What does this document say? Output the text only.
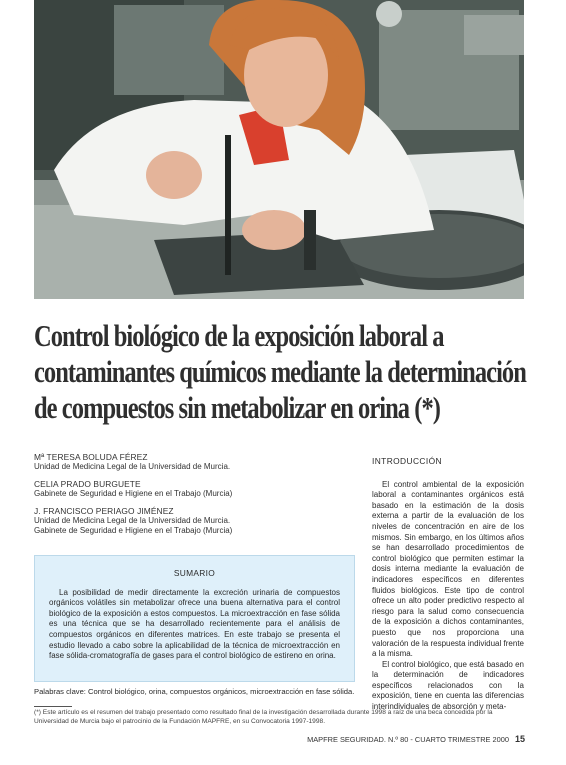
Control biológico de la exposición laboral a
contaminantes químicos mediante la determinación
de compuestos sin metabolizar en orina (*)
Mª TERESA BOLUDA FÉREZ
Unidad de Medicina Legal de la Universidad de Murcia.
CELIA PRADO BURGUETE
Gabinete de Seguridad e Higiene en el Trabajo (Murcia)
J. FRANCISCO PERIAGO JIMÉNEZ
Unidad de Medicina Legal de la Universidad de Murcia.
Gabinete de Seguridad e Higiene en el Trabajo (Murcia)
SUMARIO

La posibilidad de medir directamente la excreción urinaria de compuestos orgánicos volátiles sin metabolizar ofrece una buena alternativa para el control biológico de la exposición a estos compuestos. La microextracción en fase sólida es una técnica que se ha desarrollado recientemente para el análisis de compuestos orgánicos en diferentes matrices. En este trabajo se presenta el estudio llevado a cabo sobre la aplicabilidad de la técnica de microextracción en fase sólida-cromatografía de gases para el control biológico de estireno en orina.

Palabras clave: Control biológico, orina, compuestos orgánicos, microextracción en fase sólida.
(*) Este artículo es el resumen del trabajo presentado como resultado final de la investigación desarrollada durante 1998 a raíz de una beca concedida por la Universidad de Murcia bajo el patrocinio de la Fundación MAPFRE, en su Convocatoria 1997-1998.
INTRODUCCIÓN

El control ambiental de la exposición laboral a contaminantes orgánicos está basado en la estimación de la dosis externa a partir de la evaluación de los niveles de concentración en aire de los mismos. Sin embargo, en los últimos años se han desarrollado procedimientos de control biológico que permiten estimar la dosis interna mediante la evaluación de indicadores específicos en diferentes fluidos biológicos. Este tipo de control ofrece un alto poder predictivo respecto al riesgo para la salud como consecuencia de la exposición a dichos contaminantes, puesto que nos proporciona una valoración de la respuesta individual frente a la misma.

El control biológico, que está basado en la determinación de indicadores específicos relacionados con la exposición, tiene en cuenta las diferencias interindividuales de absorción y meta-

MAPFRE SEGURIDAD. N.º 80 - CUARTO TRIMESTRE 2000 15
